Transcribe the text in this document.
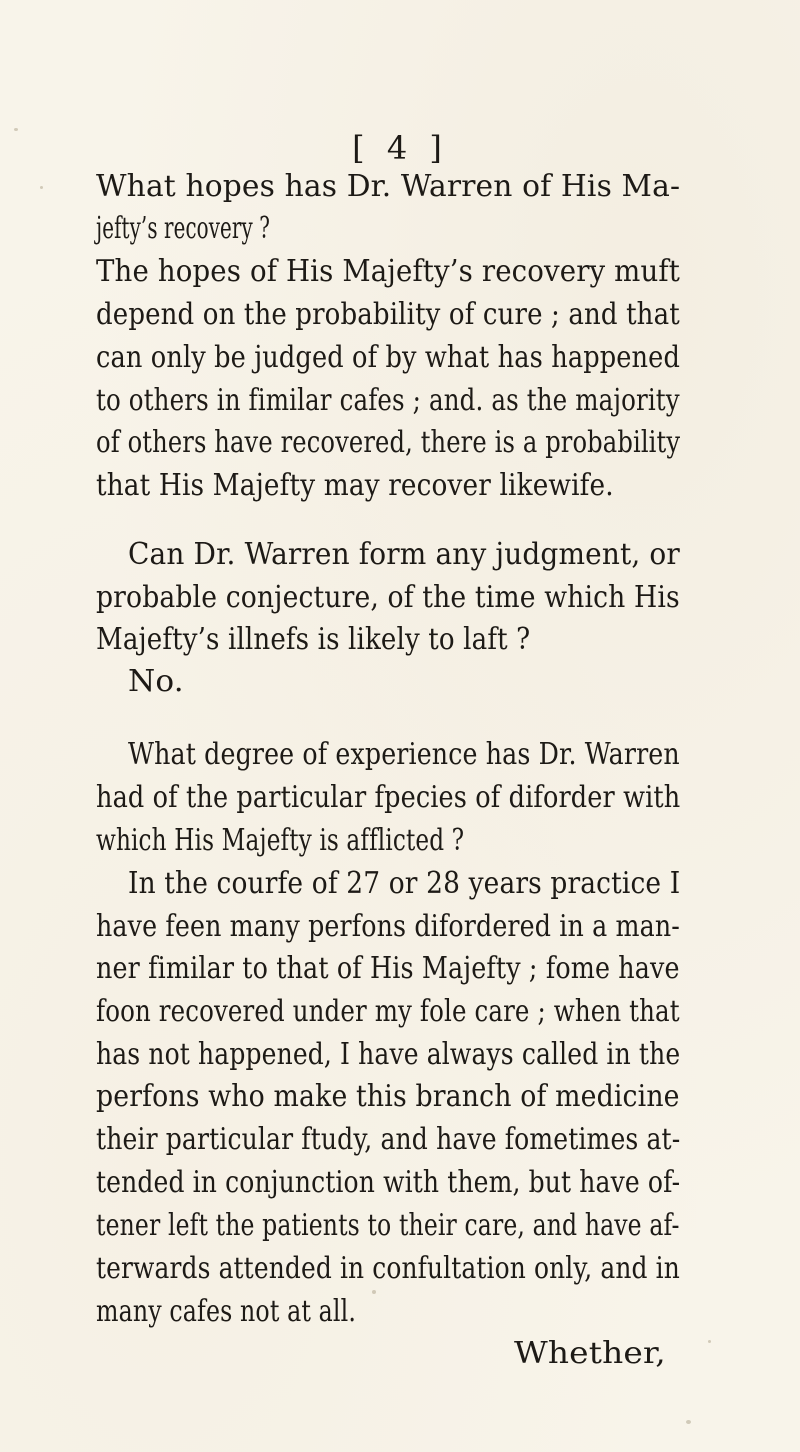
[ 4 ]
What hopes has Dr. Warren of His Ma-
jefty’s recovery ?
The hopes of His Majefty’s recovery muft
depend on the probability of cure ; and that
can only be judged of by what has happened
to others in fimilar cafes ; and. as the majority
of others have recovered, there is a probability
that His Majefty may recover likewife.
Can Dr. Warren form any judgment, or
probable conjecture, of the time which His
Majefty’s illnefs is likely to laft ?
No.
What degree of experience has Dr. Warren
had of the particular fpecies of diforder with
which His Majefty is afflicted ?
In the courfe of 27 or 28 years practice I
have feen many perfons difordered in a man-
ner fimilar to that of His Majefty ; fome have
foon recovered under my fole care ; when that
has not happened, I have always called in the
perfons who make this branch of medicine
their particular ftudy, and have fometimes at-
tended in conjunction with them, but have of-
tener left the patients to their care, and have af-
terwards attended in confultation only, and in
many cafes not at all.
Whether,
